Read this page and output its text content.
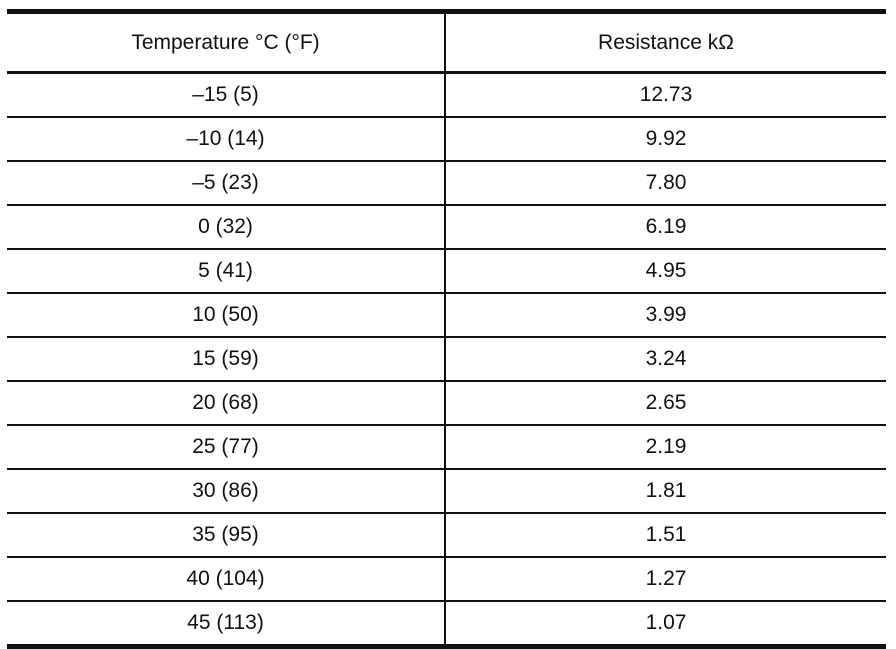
Temperature °C (°F)	Resistance kΩ
–15 (5)	12.73
–10 (14)	9.92
–5 (23)	7.80
0 (32)	6.19
5 (41)	4.95
10 (50)	3.99
15 (59)	3.24
20 (68)	2.65
25 (77)	2.19
30 (86)	1.81
35 (95)	1.51
40 (104)	1.27
45 (113)	1.07
